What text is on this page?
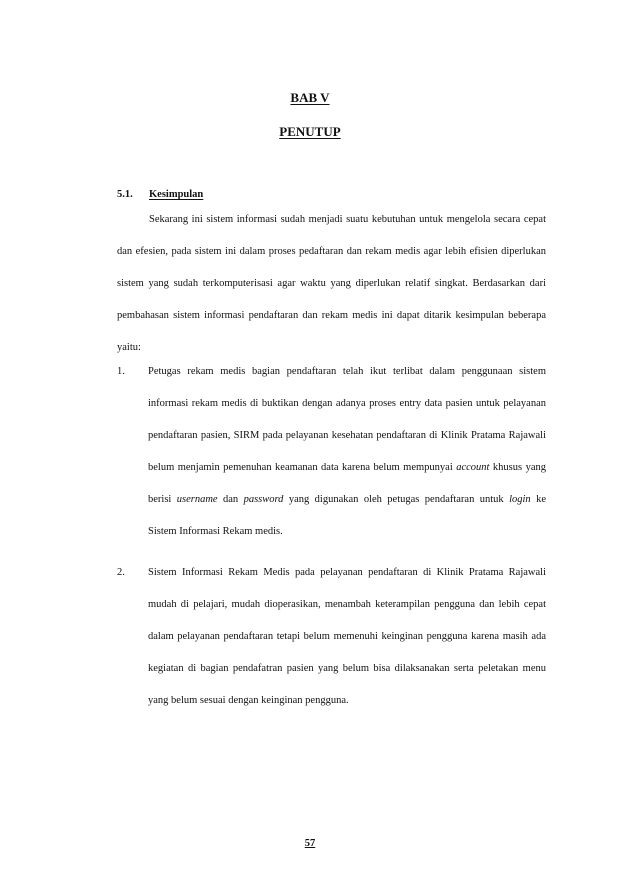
BAB V
PENUTUP
5.1. Kesimpulan

Sekarang ini sistem informasi sudah menjadi suatu kebutuhan untuk mengelola secara cepat dan efesien, pada sistem ini dalam proses pedaftaran dan rekam medis agar lebih efisien diperlukan sistem yang sudah terkomputerisasi agar waktu yang diperlukan relatif singkat. Berdasarkan dari pembahasan sistem informasi pendaftaran dan rekam medis ini dapat ditarik kesimpulan beberapa yaitu:

1. Petugas rekam medis bagian pendaftaran telah ikut terlibat dalam penggunaan sistem informasi rekam medis di buktikan dengan adanya proses entry data pasien untuk pelayanan pendaftaran pasien, SIRM pada pelayanan kesehatan pendaftaran di Klinik Pratama Rajawali belum menjamin pemenuhan keamanan data karena belum mempunyai account khusus yang berisi username dan password yang digunakan oleh petugas pendaftaran untuk login ke Sistem Informasi Rekam medis.
2. Sistem Informasi Rekam Medis pada pelayanan pendaftaran di Klinik Pratama Rajawali mudah di pelajari, mudah dioperasikan, menambah keterampilan pengguna dan lebih cepat dalam pelayanan pendaftaran tetapi belum memenuhi keinginan pengguna karena masih ada kegiatan di bagian pendafatran pasien yang belum bisa dilaksanakan serta peletakan menu yang belum sesuai dengan keinginan pengguna.
57
